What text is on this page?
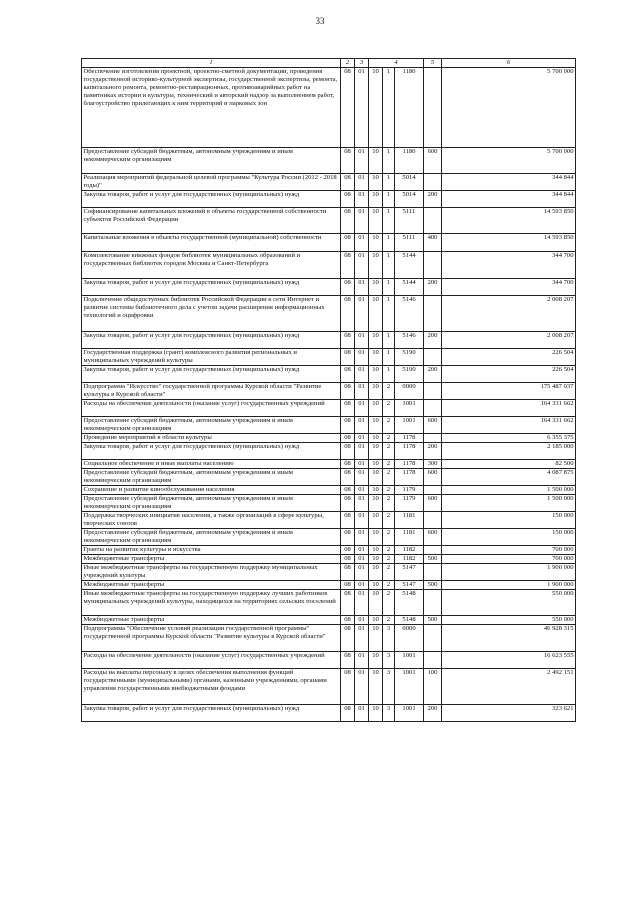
33
1	2	3	4			5	6
Обеспечение изготовления проектной, проектно-сметной документации, проведения государственной историко-культурной экспертизы, государственной экспертизы, ремонта, капитального ремонта, ремонтно-реставрационных, противоаварийных работ на памятниках истории и культуры, технический и авторский надзор за выполнением работ, благоустройство прилегающих к ним территорий и парковых зон	08	01	10	1	1180		5 700 000
Предоставление субсидий бюджетным, автономным учреждениям и иным некоммерческим организациям	08	01	10	1	1180	600	5 700 000
Реализация мероприятий федеральной целевой программы "Культура России (2012 - 2018 годы)"	08	01	10	1	5014		344 844
Закупка товаров, работ и услуг для государственных (муниципальных) нужд	08	01	10	1	5014	200	344 844
Софинансирование капитальных вложений в объекты государственной собственности субъектов Российской Федерации	08	01	10	1	5111		14 593 850
Капитальные вложения в объекты государственной (муниципальной) собственности	08	01	10	1	5111	400	14 593 850
Комплектование книжных фондов библиотек муниципальных образований и государственных библиотек городов Москвы и Санкт-Петербурга	08	01	10	1	5144		344 700
Закупка товаров, работ и услуг для государственных (муниципальных) нужд	08	01	10	1	5144	200	344 700
Подключение общедоступных библиотек Российской Федерации к сети Интернет и развитие системы библиотечного дела с учетом задачи расширения информационных технологий и оцифровки	08	01	10	1	5146		2 008 207
Закупка товаров, работ и услуг для государственных (муниципальных) нужд	08	01	10	1	5146	200	2 008 207
Государственная поддержка (грант) комплексного развития региональных и муниципальных учреждений культуры	08	01	10	1	5190		226 504
Закупка товаров, работ и услуг для государственных (муниципальных) нужд	08	01	10	1	5190	200	226 504
Подпрограмма "Искусство" государственной программы Курской области "Развитие культуры в Курской области"	08	01	10	2	0000		175 487 037
Расходы на обеспечение деятельности (оказание услуг) государственных учреждений	08	01	10	2	1001		164 331 662
Предоставление субсидий бюджетным, автономным учреждениям и иным некоммерческим организациям	08	01	10	2	1001	600	164 331 662
Проведение мероприятий в области культуры	08	01	10	2	1178		6 355 375
Закупка товаров, работ и услуг для государственных (муниципальных) нужд	08	01	10	2	1178	200	2 185 000
Социальное обеспечение и иные выплаты населению	08	01	10	2	1178	300	82 500
Предоставление субсидий бюджетным, автономным учреждениям и иным некоммерческим организациям	08	01	10	2	1178	600	4 087 875
Сохранение и развитие кинообслуживания населения	08	01	10	2	1179		1 500 000
Предоставление субсидий бюджетным, автономным учреждениям и иным некоммерческим организациям	08	01	10	2	1179	600	1 500 000
Поддержка творческих инициатив населения, а также организаций в сфере культуры, творческих союзов	08	01	10	2	1181		150 000
Предоставление субсидий бюджетным, автономным учреждениям и иным некоммерческим организациям	08	01	10	2	1181	600	150 000
Гранты на развитие культуры и искусства	08	01	10	2	1182		700 000
Межбюджетные трансферты	08	01	10	2	1182	500	700 000
Иные межбюджетные трансферты на государственную поддержку муниципальных учреждений культуры	08	01	10	2	5147		1 900 000
Межбюджетные трансферты	08	01	10	2	5147	500	1 900 000
Иные межбюджетные трансферты на государственную поддержку лучших работников муниципальных учреждений культуры, находящихся на территориях сельских поселений	08	01	10	2	5148		550 000
Межбюджетные трансферты	08	01	10	2	5148	500	550 000
Подпрограмма "Обеспечение условий реализации государственной программы" государственной программы Курской области "Развитие культуры в Курской области"	08	01	10	3	0000		46 928 315
Расходы на обеспечение деятельности (оказание услуг) государственных учреждений	08	01	10	3	1001		16 623 555
Расходы на выплаты персоналу в целях обеспечения выполнения функций государственными (муниципальными) органами, казенными учреждениями, органами управления государственными внебюджетными фондами	08	01	10	3	1001	100	2 492 151
Закупка товаров, работ и услуг для государственных (муниципальных) нужд	08	01	10	3	1001	200	323 621
